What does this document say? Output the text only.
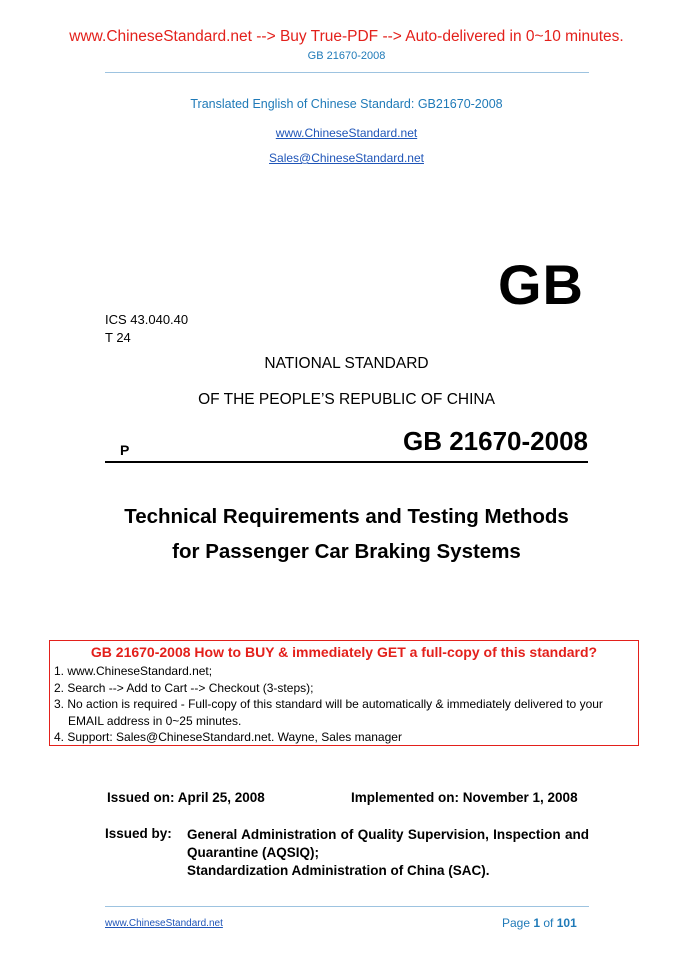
www.ChineseStandard.net --> Buy True-PDF --> Auto-delivered in 0~10 minutes.
GB 21670-2008
Translated English of Chinese Standard: GB21670-2008
www.ChineseStandard.net
Sales@ChineseStandard.net
GB
ICS 43.040.40
T 24
NATIONAL STANDARD
OF THE PEOPLE’S REPUBLIC OF CHINA
P	GB 21670-2008
Technical Requirements and Testing Methods
for Passenger Car Braking Systems
GB 21670-2008 How to BUY & immediately GET a full-copy of this standard?
1. www.ChineseStandard.net;
2. Search --> Add to Cart --> Checkout (3-steps);
3. No action is required - Full-copy of this standard will be automatically & immediately delivered to your EMAIL address in 0~25 minutes.
4. Support: Sales@ChineseStandard.net. Wayne, Sales manager
Issued on: April 25, 2008	Implemented on: November 1, 2008
Issued by: General Administration of Quality Supervision, Inspection and Quarantine (AQSIQ);
Standardization Administration of China (SAC).
www.ChineseStandard.net	Page 1 of 101
